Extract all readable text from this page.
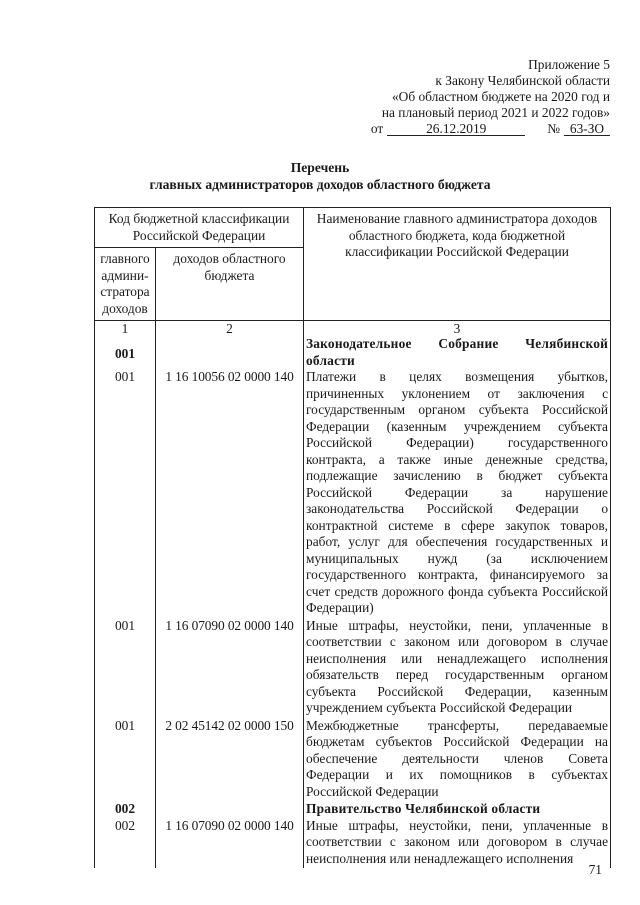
Приложение 5
к Закону Челябинской области
«Об областном бюджете на 2020 год и
на плановый период 2021 и 2022 годов»
от	26.12.2019	№ 63-ЗО
Перечень
главных администраторов доходов областного бюджета
Код бюджетной классификации Российской Федерации		Наименование главного администратора доходов областного бюджета, кода бюджетной классификации Российской Федерации
главного админи-стратора доходов	доходов областного бюджета	
1	2	3
001		Законодательное Собрание Челябинской области
001	1 16 10056 02 0000 140	Платежи в целях возмещения убытков, причиненных уклонением от заключения с государственным органом субъекта Российской Федерации (казенным учреждением субъекта Российской Федерации) государственного контракта, а также иные денежные средства, подлежащие зачислению в бюджет субъекта Российской Федерации за нарушение законодательства Российской Федерации о контрактной системе в сфере закупок товаров, работ, услуг для обеспечения государственных и муниципальных нужд (за исключением государственного контракта, финансируемого за счет средств дорожного фонда субъекта Российской Федерации)
001	1 16 07090 02 0000 140	Иные штрафы, неустойки, пени, уплаченные в соответствии с законом или договором в случае неисполнения или ненадлежащего исполнения обязательств перед государственным органом субъекта Российской Федерации, казенным учреждением субъекта Российской Федерации
001	2 02 45142 02 0000 150	Межбюджетные трансферты, передаваемые бюджетам субъектов Российской Федерации на обеспечение деятельности членов Совета Федерации и их помощников в субъектах Российской Федерации
002		Правительство Челябинской области
002	1 16 07090 02 0000 140	Иные штрафы, неустойки, пени, уплаченные в соответствии с законом или договором в случае неисполнения или ненадлежащего исполнения
71
